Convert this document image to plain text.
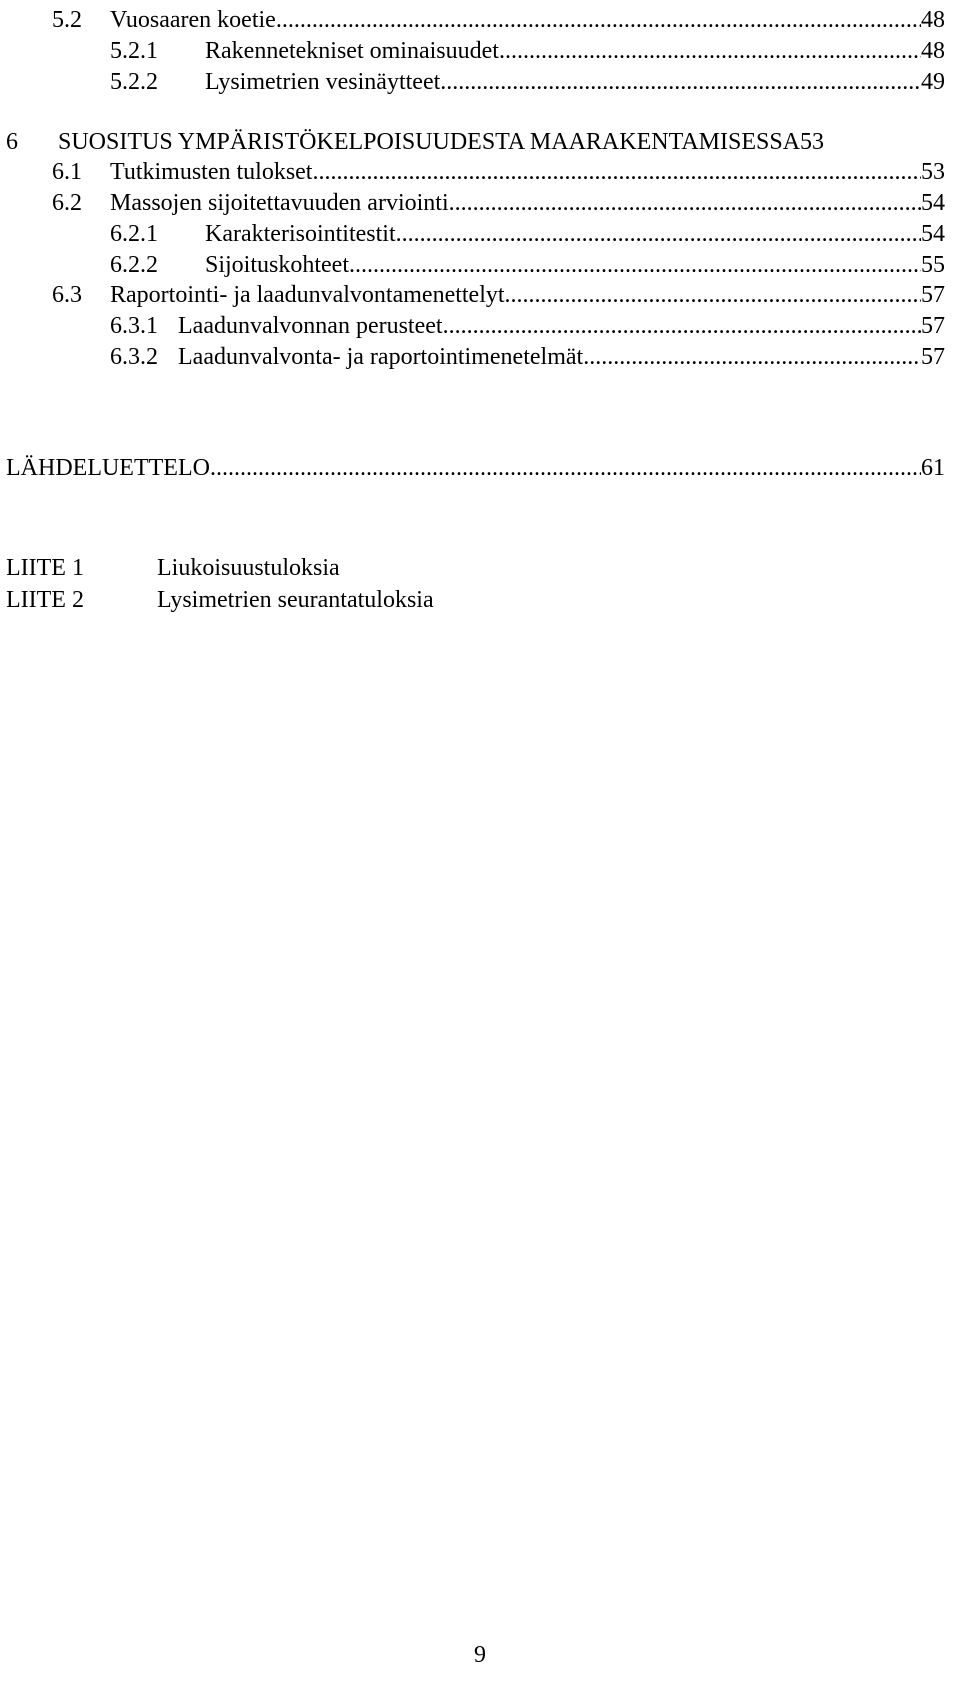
5.2 Vuosaaren koetie .....	48
5.2.1 Rakennetekniset ominaisuudet .....	48
5.2.2 Lysimetrien vesinäytteet .....	49
6 SUOSITUS YMPÄRISTÖKELPOISUUDESTA MAARAKENTAMISESSA 53
6.1 Tutkimusten tulokset .....	53
6.2 Massojen sijoitettavuuden arviointi .....	54
6.2.1 Karakterisointitestit .....	54
6.2.2 Sijoituskohteet .....	55
6.3 Raportointi- ja laadunvalvontamenettelyt .....	57
6.3.1 Laadunvalvonnan perusteet .....	57
6.3.2 Laadunvalvonta- ja raportointimenetelmät .....	57
LÄHDELUETTELO .....	61
LIITE 1	Liukoisuustuloksia
LIITE 2	Lysimetrien seurantatuloksia
9
